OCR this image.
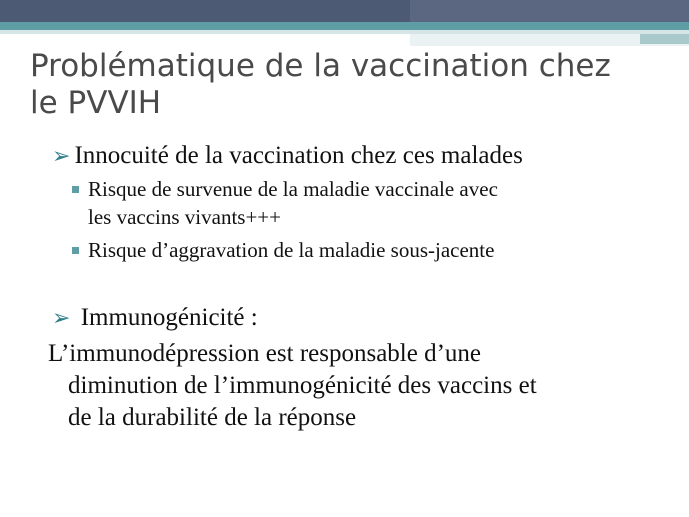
Problématique de la vaccination chez
le PVVIH
➢ Innocuité de la vaccination chez ces malades
Risque de survenue de la maladie vaccinale avec
les vaccins vivants+++
Risque d’aggravation de la maladie sous-jacente
➢ Immunogénicité :
L’immunodépression est responsable d’une
diminution de l’immunogénicité des vaccins et
de la durabilité de la réponse
